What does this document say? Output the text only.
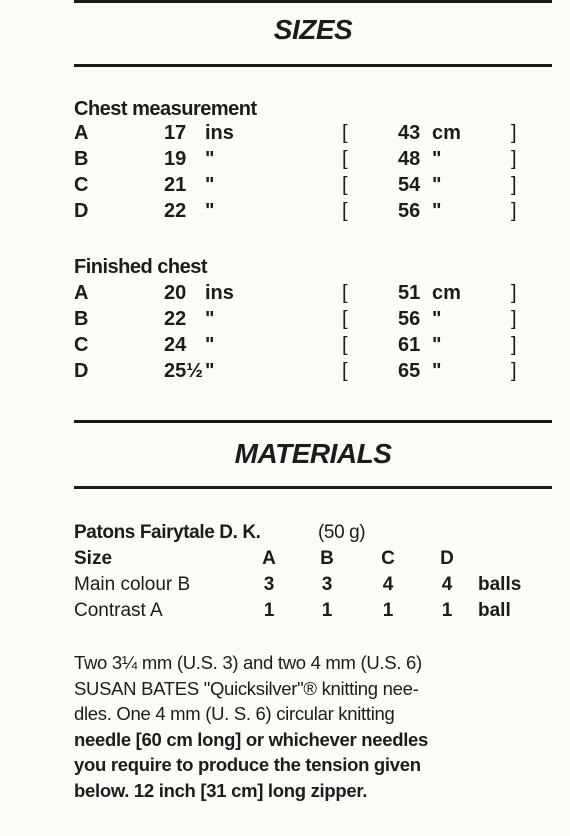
SIZES
Chest measurement
A	17 ins	[	43 cm	]
B	19 "	[	48 "	]
C	21 "	[	54 "	]
D	22 "	[	56 "	]
Finished chest
A	20 ins	[	51 cm	]
B	22 "	[	56 "	]
C	24 "	[	61 "	]
D	25½ "	[	65 "	]
MATERIALS
Patons Fairytale D. K.	(50 g)
Size	A B C D
Main colour B	3 3	4	4 balls
Contrast A	1 1	1	1 ball
Two 3¼ mm (U.S. 3) and two 4 mm (U.S. 6)
SUSAN BATES "Quicksilver"® knitting nee-
dles. One 4 mm (U. S. 6) circular knitting
needle [60 cm long] or whichever needles
you require to produce the tension given
below. 12 inch [31 cm] long zipper.
